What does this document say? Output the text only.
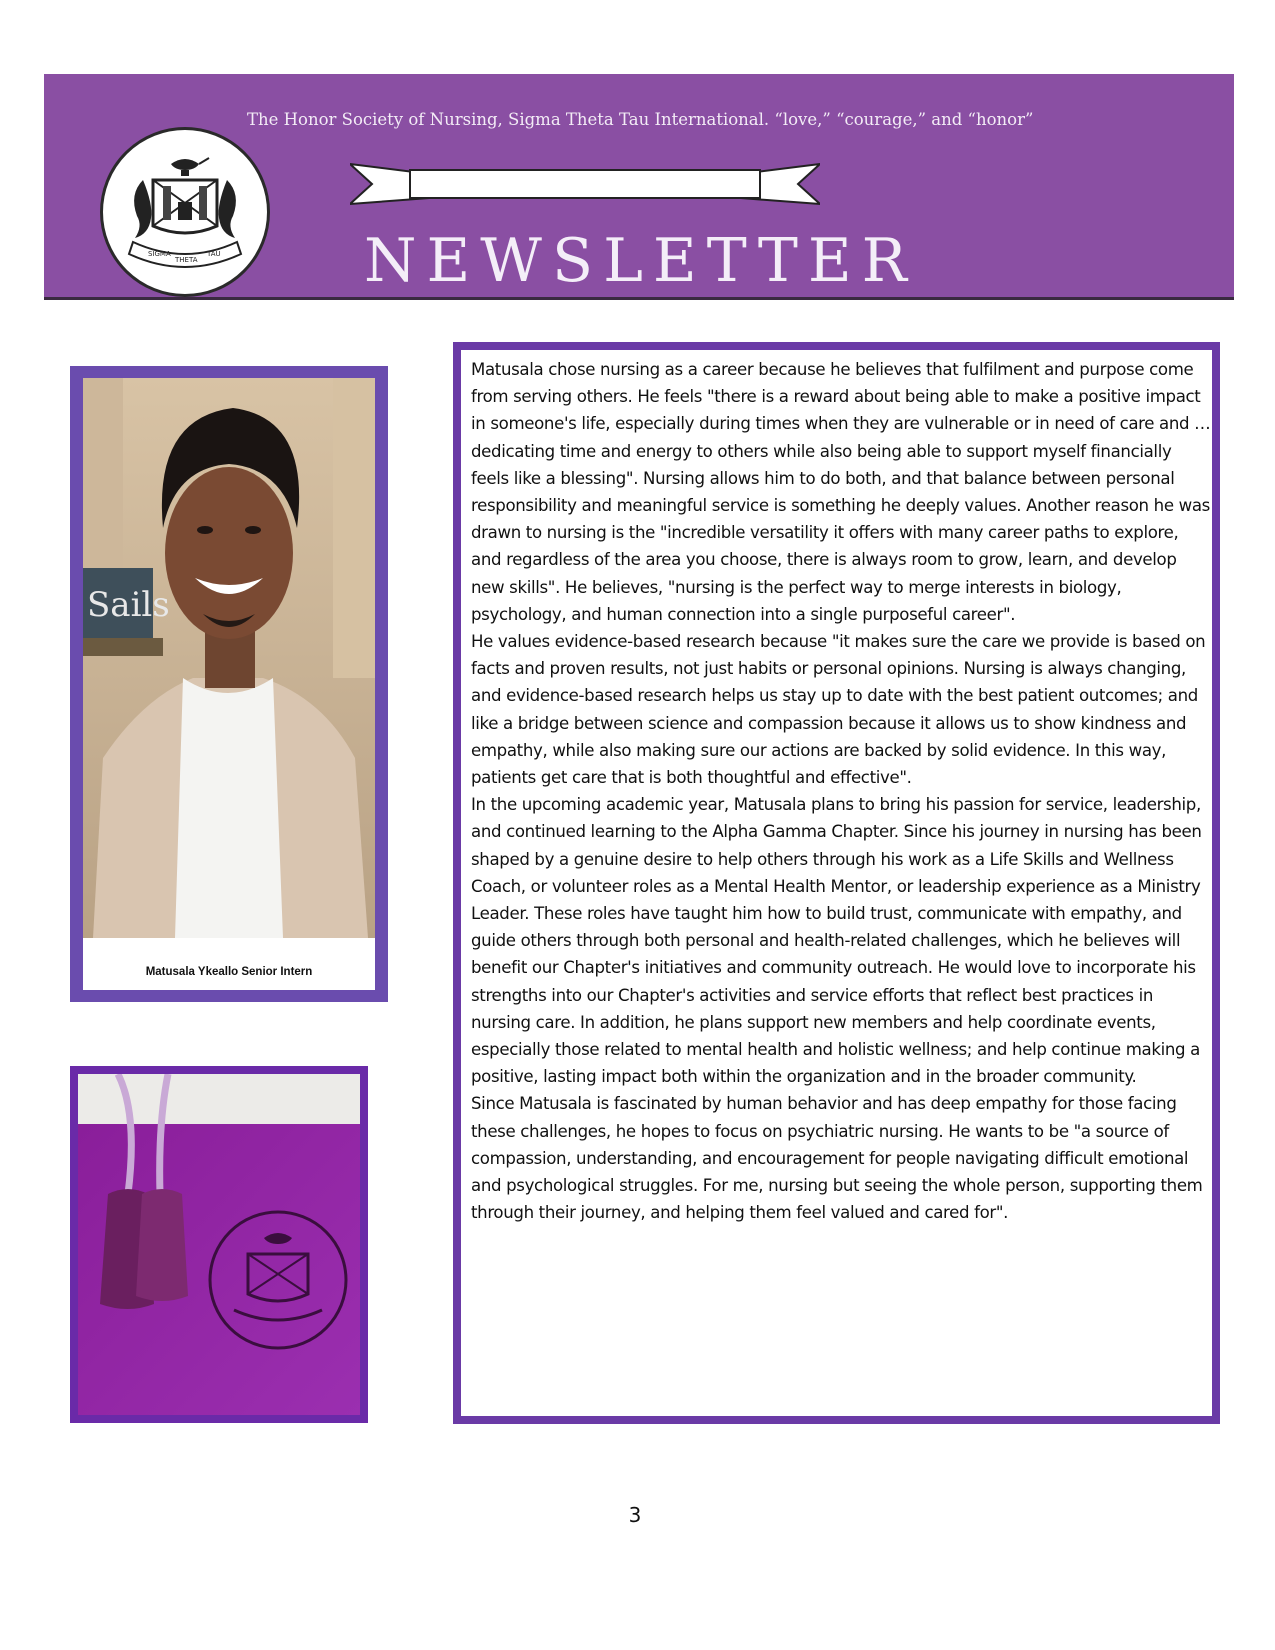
The Honor Society of Nursing, Sigma Theta Tau International. “love,” “courage,” and “honor”
SIGMA
THETA
TAU NEWSLETTER
Sails
Matusala Ykeallo Senior Intern

Matusala chose nursing as a career because he believes that fulfilment and purpose come from serving others. He feels "there is a reward about being able to make a positive impact in someone's life, especially during times when they are vulnerable or in need of care and … dedicating time and energy to others while also being able to support myself financially feels like a blessing". Nursing allows him to do both, and that balance between personal responsibility and meaningful service is something he deeply values. Another reason he was drawn to nursing is the "incredible versatility it offers with many career paths to explore, and regardless of the area you choose, there is always room to grow, learn, and develop new skills". He believes, "nursing is the perfect way to merge interests in biology, psychology, and human connection into a single purposeful career".

He values evidence-based research because "it makes sure the care we provide is based on facts and proven results, not just habits or personal opinions. Nursing is always changing, and evidence-based research helps us stay up to date with the best patient outcomes; and like a bridge between science and compassion because it allows us to show kindness and empathy, while also making sure our actions are backed by solid evidence. In this way, patients get care that is both thoughtful and effective".

In the upcoming academic year, Matusala plans to bring his passion for service, leadership, and continued learning to the Alpha Gamma Chapter. Since his journey in nursing has been shaped by a genuine desire to help others through his work as a Life Skills and Wellness Coach, or volunteer roles as a Mental Health Mentor, or leadership experience as a Ministry Leader. These roles have taught him how to build trust, communicate with empathy, and guide others through both personal and health-related challenges, which he believes will benefit our Chapter's initiatives and community outreach. He would love to incorporate his strengths into our Chapter's activities and service efforts that reflect best practices in nursing care. In addition, he plans support new members and help coordinate events, especially those related to mental health and holistic wellness; and help continue making a positive, lasting impact both within the organization and in the broader community.

Since Matusala is fascinated by human behavior and has deep empathy for those facing these challenges, he hopes to focus on psychiatric nursing. He wants to be "a source of compassion, understanding, and encouragement for people navigating difficult emotional and psychological struggles. For me, nursing but seeing the whole person, supporting them through their journey, and helping them feel valued and cared for".

3
